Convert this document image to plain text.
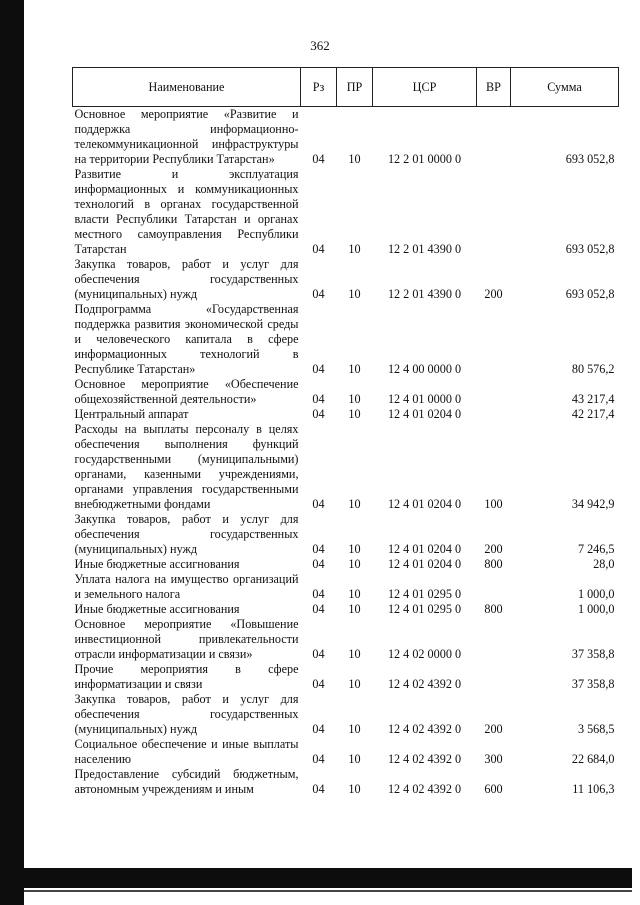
362
Наименование	Рз	ПР	ЦСР	ВР	Сумма
Основное мероприятие «Развитие и поддержка информационно-телекоммуникационной инфраструктуры на территории Республики Татарстан»	04	10	12 2 01 0000 0		693 052,8
Развитие и эксплуатация информационных и коммуникационных технологий в органах государственной власти Республики Татарстан и органах местного самоуправления Республики Татарстан	04	10	12 2 01 4390 0		693 052,8
Закупка товаров, работ и услуг для обеспечения государственных (муниципальных) нужд	04	10	12 2 01 4390 0	200	693 052,8
Подпрограмма «Государственная поддержка развития экономической среды и человеческого капитала в сфере информационных технологий в Республике Татарстан»	04	10	12 4 00 0000 0		80 576,2
Основное мероприятие «Обеспечение общехозяйственной деятельности»	04	10	12 4 01 0000 0		43 217,4
Центральный аппарат	04	10	12 4 01 0204 0		42 217,4
Расходы на выплаты персоналу в целях обеспечения выполнения функций государственными (муниципальными) органами, казенными учреждениями, органами управления государственными внебюджетными фондами	04	10	12 4 01 0204 0	100	34 942,9
Закупка товаров, работ и услуг для обеспечения государственных (муниципальных) нужд	04	10	12 4 01 0204 0	200	7 246,5
Иные бюджетные ассигнования	04	10	12 4 01 0204 0	800	28,0
Уплата налога на имущество организаций и земельного налога	04	10	12 4 01 0295 0		1 000,0
Иные бюджетные ассигнования	04	10	12 4 01 0295 0	800	1 000,0
Основное мероприятие «Повышение инвестиционной привлекательности отрасли информатизации и связи»	04	10	12 4 02 0000 0		37 358,8
Прочие мероприятия в сфере информатизации и связи	04	10	12 4 02 4392 0		37 358,8
Закупка товаров, работ и услуг для обеспечения государственных (муниципальных) нужд	04	10	12 4 02 4392 0	200	3 568,5
Социальное обеспечение и иные выплаты населению	04	10	12 4 02 4392 0	300	22 684,0
Предоставление субсидий бюджетным, автономным учреждениям и иным	04	10	12 4 02 4392 0	600	11 106,3
